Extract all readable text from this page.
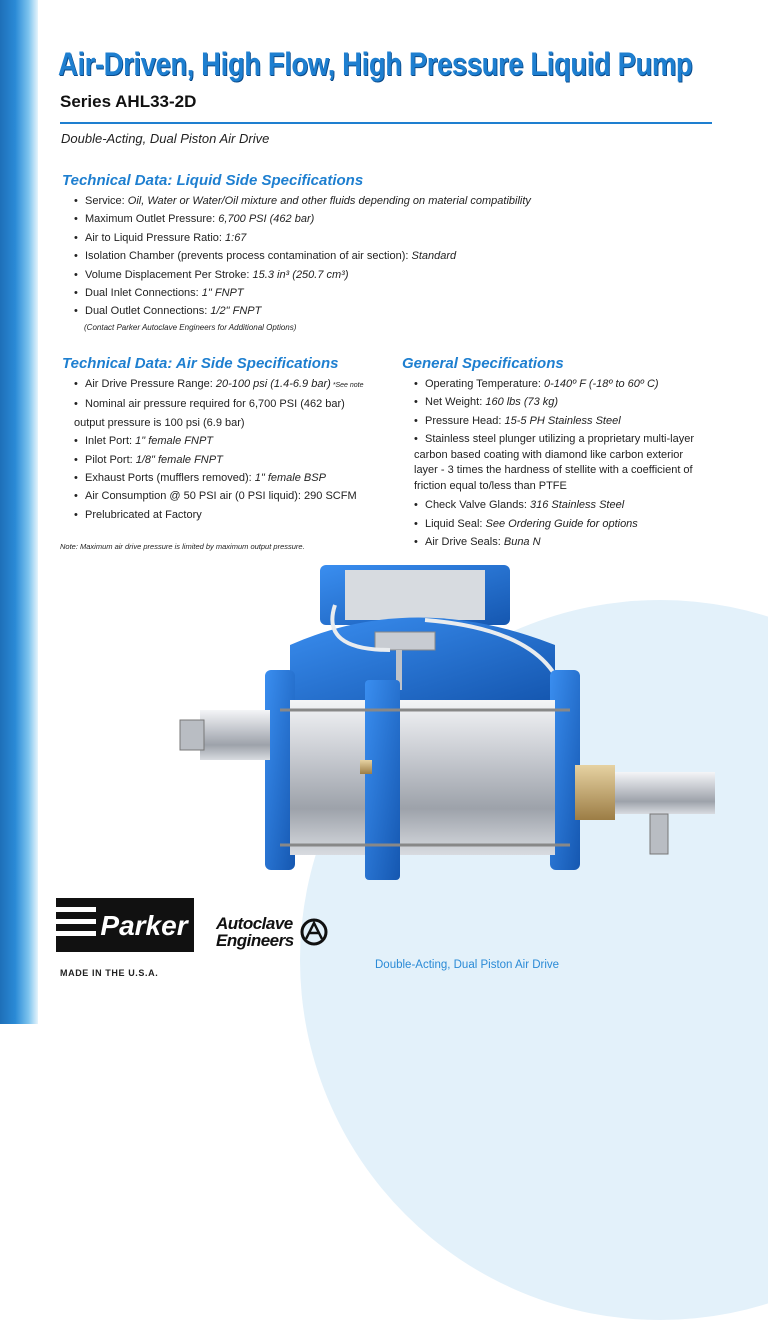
Air-Driven, High Flow, High Pressure Liquid Pump
Series AHL33-2D
Double-Acting, Dual Piston Air Drive
Technical Data: Liquid Side Specifications
• Service: Oil, Water or Water/Oil mixture and other fluids depending on material compatibility
• Maximum Outlet Pressure: 6,700 PSI (462 bar)
• Air to Liquid Pressure Ratio: 1:67
• Isolation Chamber (prevents process contamination of air section): Standard
• Volume Displacement Per Stroke: 15.3 in³ (250.7 cm³)
• Dual Inlet Connections: 1" FNPT
• Dual Outlet Connections: 1/2" FNPT
(Contact Parker Autoclave Engineers for Additional Options)
Technical Data: Air Side Specifications
• Air Drive Pressure Range: 20-100 psi (1.4-6.9 bar) *See note
• Nominal air pressure required for 6,700 PSI (462 bar)
output pressure is 100 psi (6.9 bar)
• Inlet Port: 1" female FNPT
• Pilot Port: 1/8" female FNPT
• Exhaust Ports (mufflers removed): 1" female BSP
• Air Consumption @ 50 PSI air (0 PSI liquid): 290 SCFM
• Prelubricated at Factory
Note: Maximum air drive pressure is limited by maximum output pressure.
General Specifications
• Operating Temperature: 0-140º F (-18º to 60º C)
• Net Weight: 160 lbs (73 kg)
• Pressure Head: 15-5 PH Stainless Steel
• Stainless steel plunger utilizing a proprietary multi-layer
carbon based coating with diamond like carbon exterior
layer - 3 times the hardness of stellite with a coefficient of
friction equal to/less than PTFE
• Check Valve Glands: 316 Stainless Steel
• Liquid Seal: See Ordering Guide for options
• Air Drive Seals: Buna N
Parker Autoclave
Engineers

MADE IN THE U.S.A.
Double-Acting, Dual Piston Air Drive
